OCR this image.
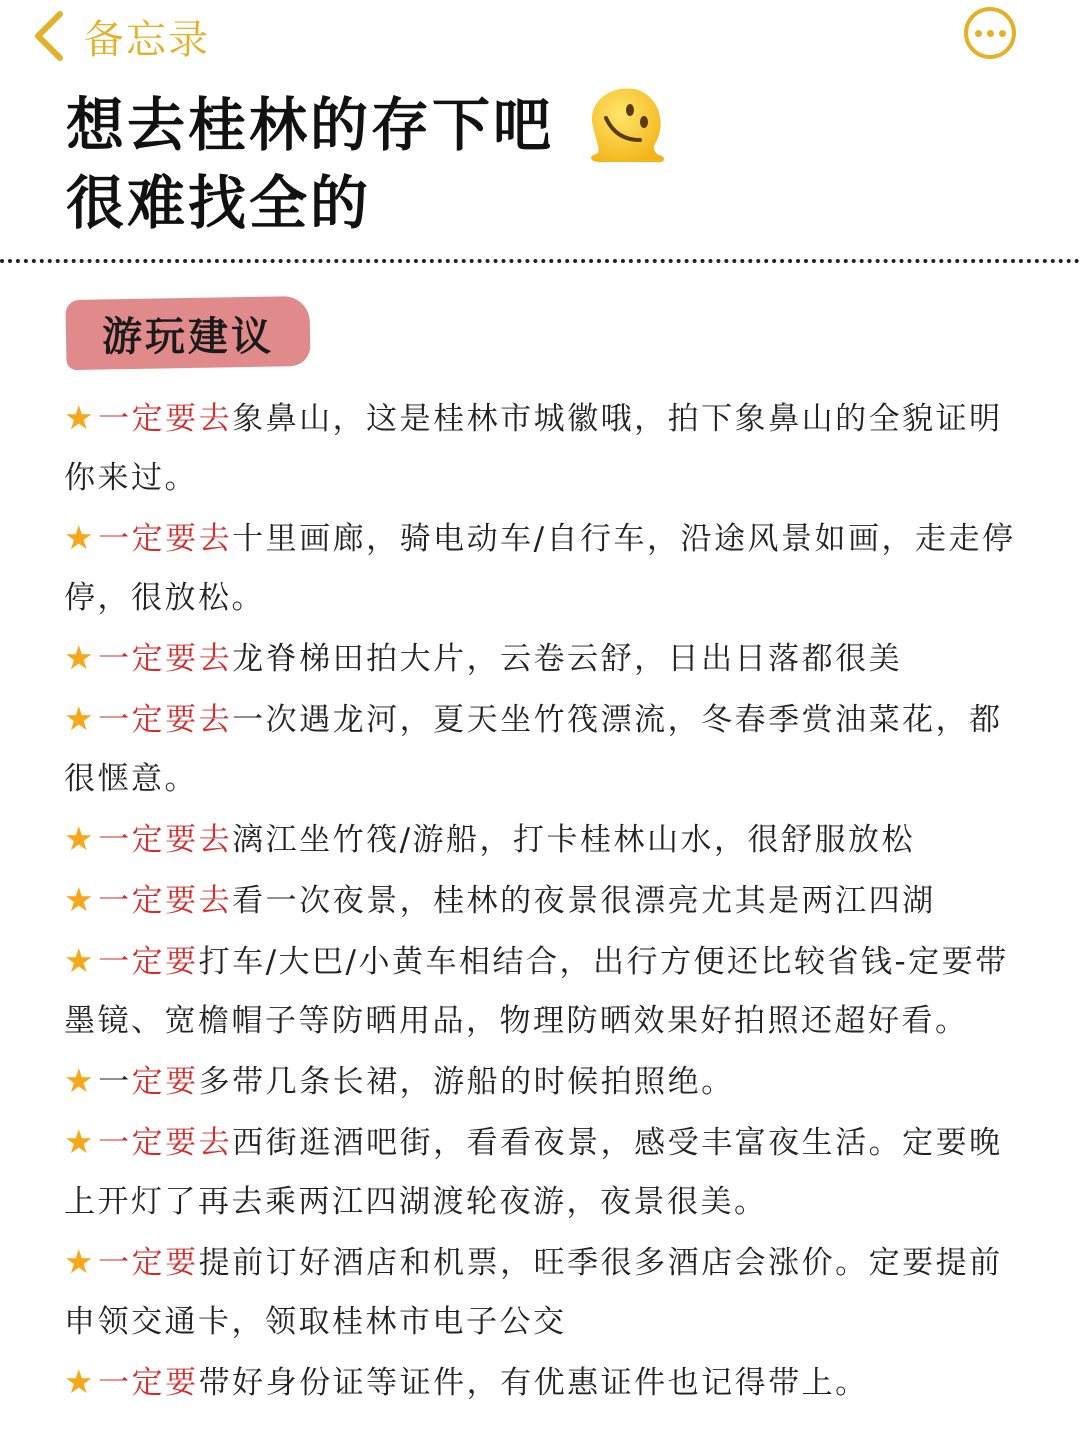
备忘录
想去桂林的存下吧
很难找全的
游玩建议

★一定要去象鼻山，这是桂林市城徽哦，拍下象鼻山的全貌证明你来过。

★一定要去十里画廊，骑电动车/自行车，沿途风景如画，走走停停，很放松。

★一定要去龙脊梯田拍大片，云卷云舒，日出日落都很美

★一定要去一次遇龙河，夏天坐竹筏漂流，冬春季赏油菜花，都很惬意。

★一定要去漓江坐竹筏/游船，打卡桂林山水，很舒服放松

★一定要去看一次夜景，桂林的夜景很漂亮尤其是两江四湖

★一定要打车/大巴/小黄车相结合，出行方便还比较省钱-定要带墨镜、宽檐帽子等防晒用品，物理防晒效果好拍照还超好看。

★一定要多带几条长裙，游船的时候拍照绝。

★一定要去西街逛酒吧街，看看夜景，感受丰富夜生活。定要晚上开灯了再去乘两江四湖渡轮夜游，夜景很美。

★一定要提前订好酒店和机票，旺季很多酒店会涨价。定要提前申领交通卡，领取桂林市电子公交

★一定要带好身份证等证件，有优惠证件也记得带上。
